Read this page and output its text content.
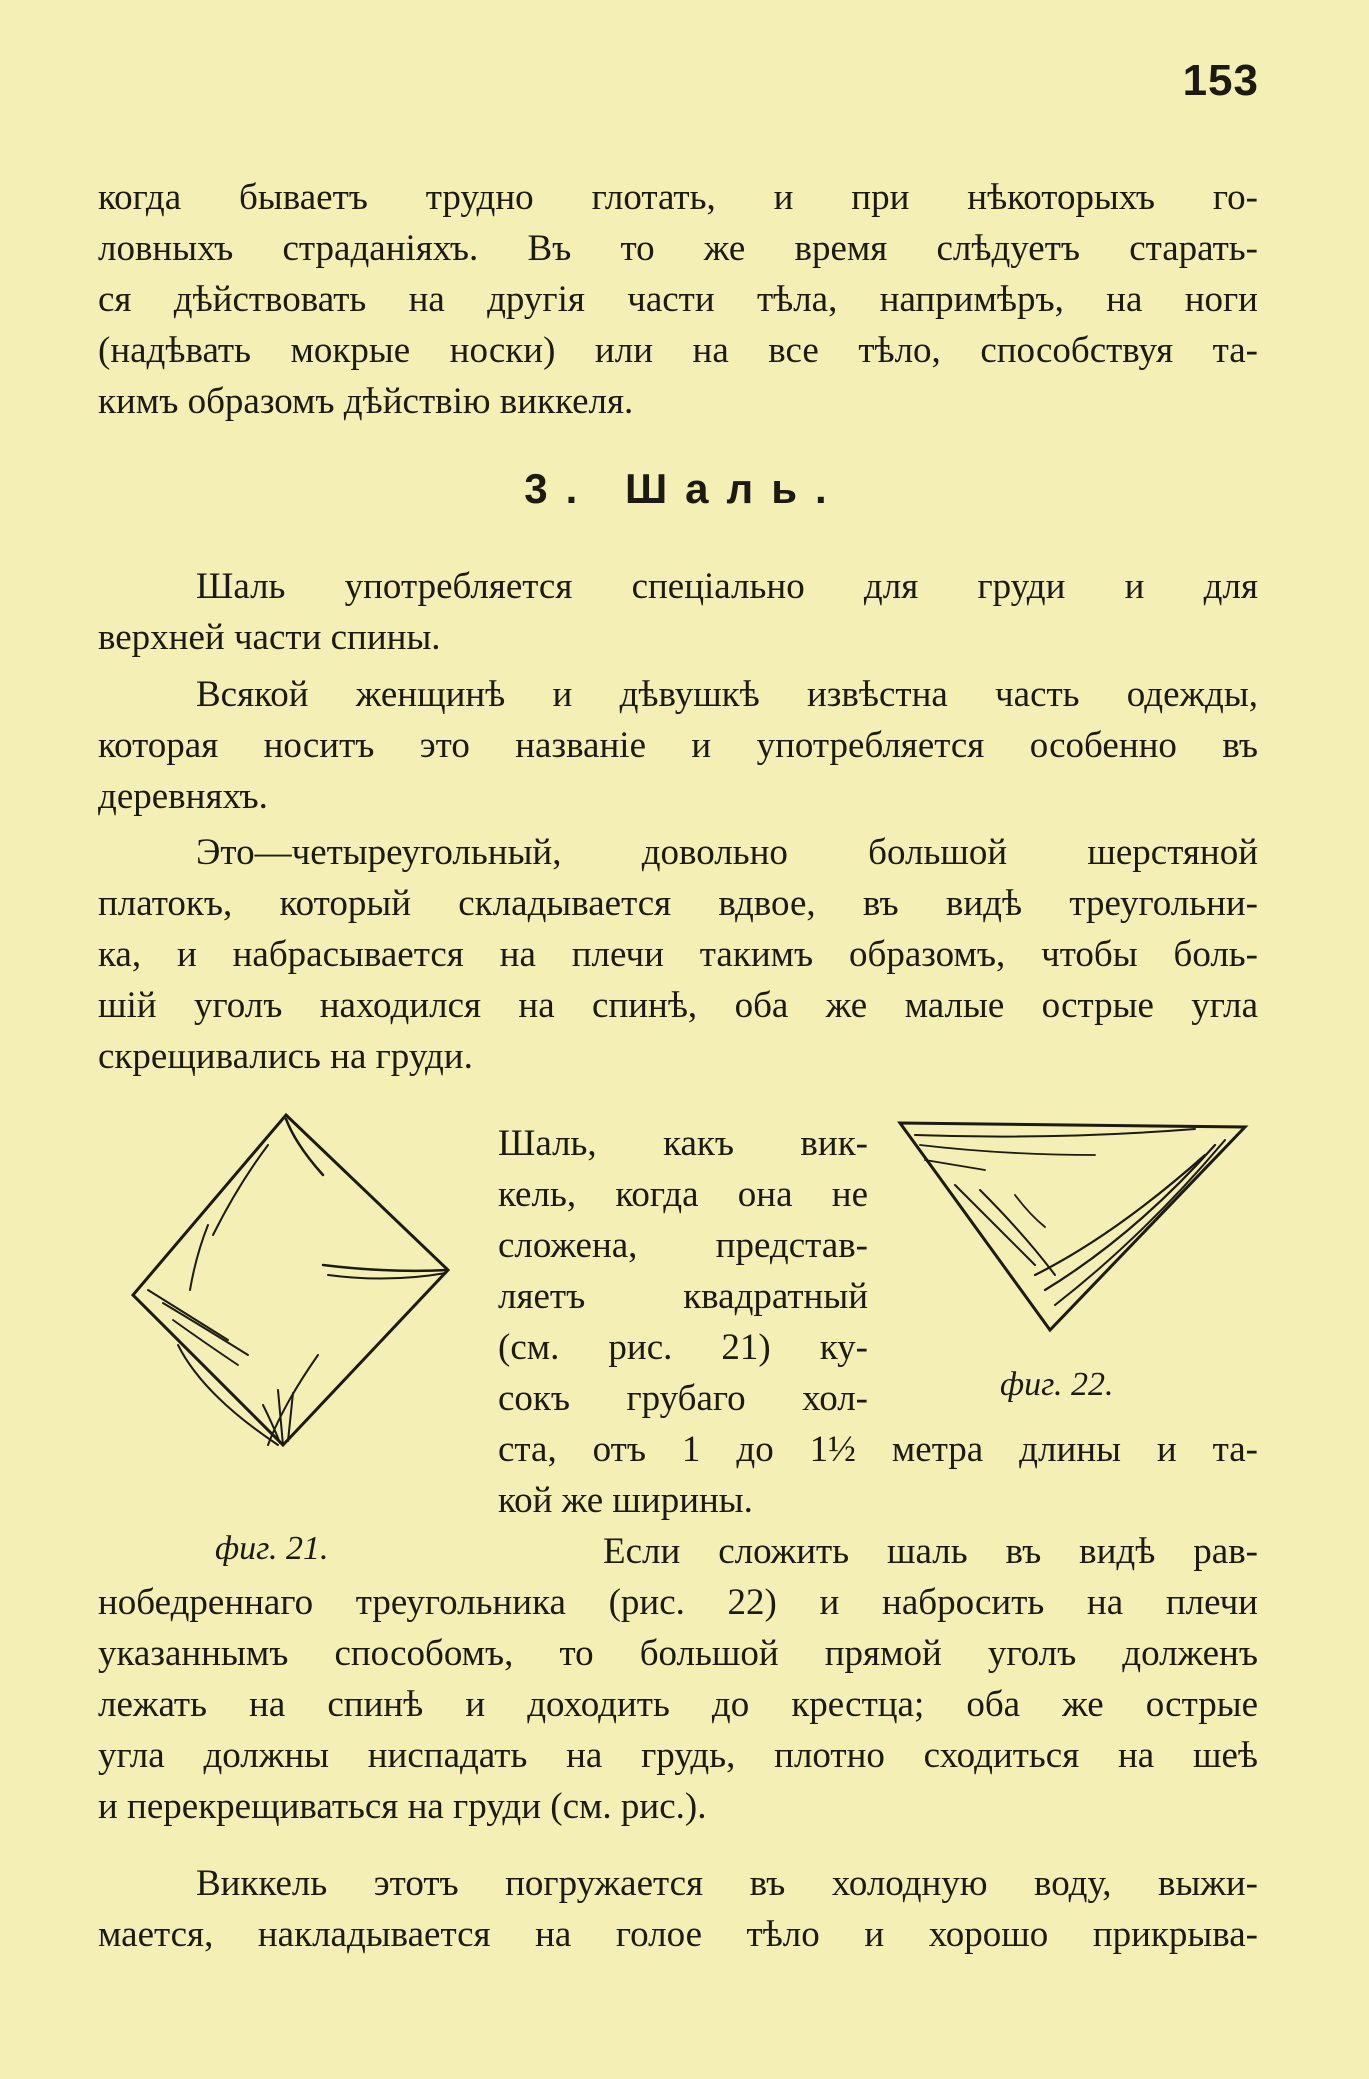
153
когда бываетъ трудно глотать, и при нѣкоторыхъ го-
ловныхъ страданіяхъ. Въ то же время слѣдуетъ старать-
ся дѣйствовать на другія части тѣла, напримѣръ, на ноги
(надѣвать мокрые носки) или на все тѣло, способствуя та-
кимъ образомъ дѣйствію виккеля.
3. Шаль.
Шаль употребляется спеціально для груди и для
верхней части спины.
Всякой женщинѣ и дѣвушкѣ извѣстна часть одежды,
которая носитъ это названіе и употребляется особенно въ
деревняхъ.
Это—четыреугольный, довольно большой шерстяной
платокъ, который складывается вдвое, въ видѣ треугольни-
ка, и набрасывается на плечи такимъ образомъ, чтобы боль-
шій уголъ находился на спинѣ, оба же малые острые угла
скрещивались на груди.
фиг. 21.
фиг. 22.
Шаль, какъ вик-
кель, когда она не
сложена, представ-
ляетъ квадратный
(см. рис. 21) ку-
сокъ грубаго хол-
ста, отъ 1 до 1½ метра длины и та-
кой же ширины.
Если сложить шаль въ видѣ рав-
нобедреннаго треугольника (рис. 22) и набросить на плечи
указаннымъ способомъ, то большой прямой уголъ долженъ
лежать на спинѣ и доходить до крестца; оба же острые
угла должны ниспадать на грудь, плотно сходиться на шеѣ
и перекрещиваться на груди (см. рис.).
Виккель этотъ погружается въ холодную воду, выжи-
мается, накладывается на голое тѣло и хорошо прикрыва-
